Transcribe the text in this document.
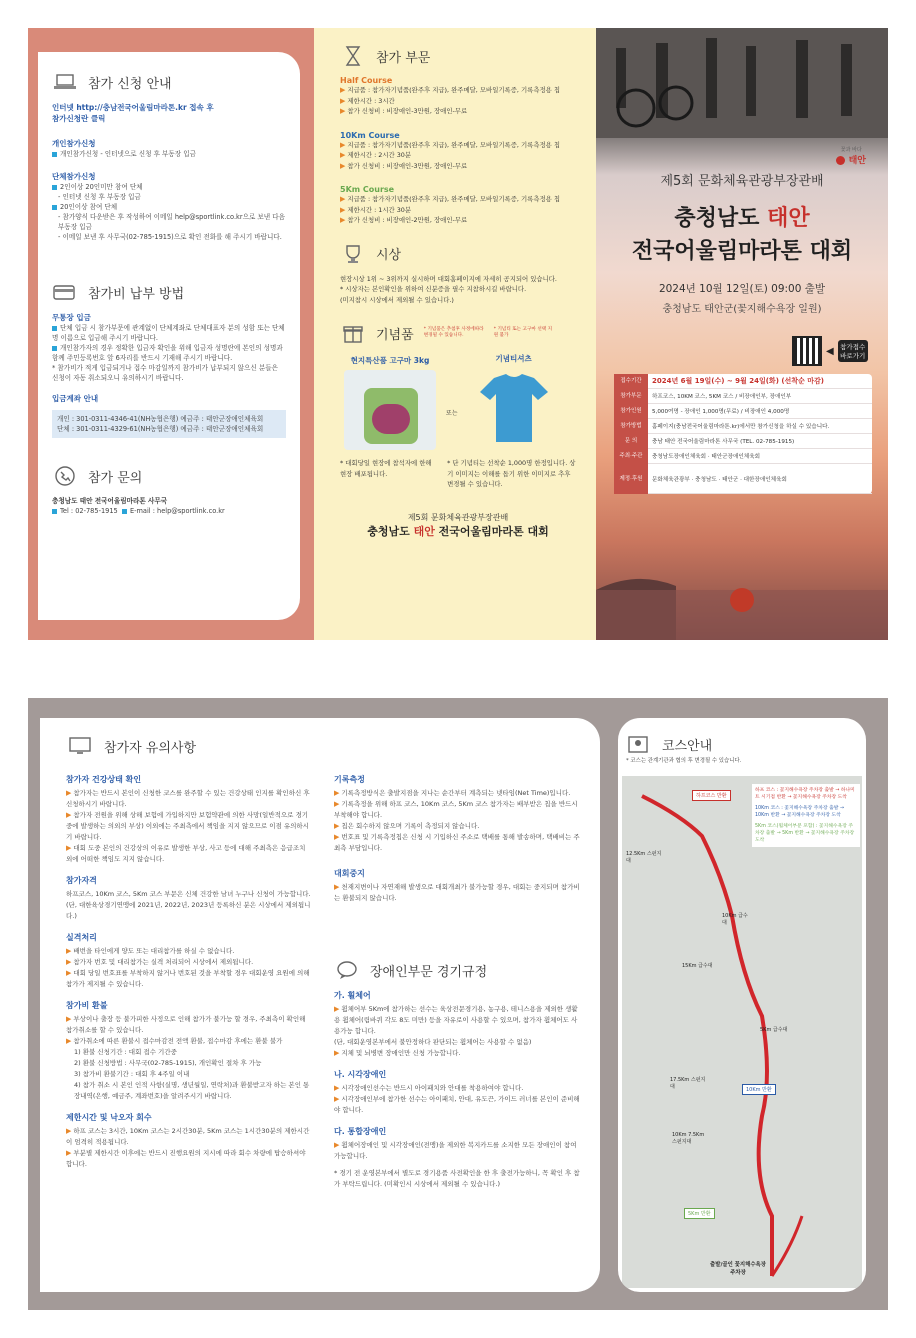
참가 신청 안내
인터넷 http://충남전국어울림마라톤.kr 접속 후
참가신청란 클릭
개인참가신청
개인참가신청 - 인터넷으로 신청 후 부동장 입금
단체참가신청
2인이상 20인미만 참여 단체
- 인터넷 신청 후 부동장 입금
20인이상 참여 단체
- 참가양식 다운받은 후 작성하여 이메일 help@sportlink.co.kr으로 보낸 다음 부동장 입금
- 이메일 보낸 후 사무국(02-785-1915)으로 확인 전화를 해 주시기 바랍니다.
참가비 납부 방법
무통장 입금
단체 입금 시 참가부문에 관계없이 단체계좌로 단체대표자 분의 성함 또는 단체명 이름으로 입금해 주시기 바랍니다.
개인참가자의 경우 정확한 입금자 확인을 위해 입금자 성명란에 본인의 성명과 함께 주민등록번호 앞 6자리를 반드시 기재해 주시기 바랍니다.
* 참가비가 적게 입금되거나 접수 마감일까지 참가비가 납부되지 않으신 분들은 신청이 자동 취소되오니 유의하시기 바랍니다.
입금계좌 안내
개인 : 301-0311-4346-41(NH농협은행) 예금주 : 태안군장애인체육회
단체 : 301-0311-4329-61(NH농협은행) 예금주 : 태안군장애인체육회
참가 문의
충청남도 태안 전국어울림마라톤 사무국
Tel : 02-785-1915 E-mail : help@sportlink.co.kr
참가 부문
Half Course
▶ 지급품 : 참가자기념품(완주후 지급), 완주메달, 모바일기록증, 기록측정용 칩
▶ 제한시간 : 3시간
▶ 참가 신청비 : 비장애인-3만원, 장애인-무료
10Km Course
▶ 지급품 : 참가자기념품(완주후 지급), 완주메달, 모바일기록증, 기록측정용 칩
▶ 제한시간 : 2시간 30분
▶ 참가 신청비 : 비장애인-3만원, 장애인-무료
5Km Course
▶ 지급품 : 참가자기념품(완주후 지급), 완주메달, 모바일기록증, 기록측정용 칩
▶ 제한시간 : 1시간 30분
▶ 참가 신청비 : 비장애인-2만원, 장애인-무료
시상
현장시상 1위 ~ 3위까지 실시하며 대회홈페이지에 자세히 공지되어 있습니다.
* 시상자는 본인확인을 위하여 신분증을 필수 지참하시길 바랍니다.
(미지참시 시상에서 제외될 수 있습니다.)
기념품 * 기념품은 추첨후 사정에따라 변경될 수 있습니다.
* 기념티 또는 고구마 선택 지원 불가
현지특산품 고구마 3kg
또는
기념티셔츠
* 대회당일 현장에 참석자에 한해 현장 배포됩니다.
* 단 기념티는 선착순 1,000명 한정입니다. 상기 이미지는 이해를 돕기 위한 이미지로 추후 변경될 수 있습니다.
제5회 문화체육관광부장관배
충청남도 태안 전국어울림마라톤 대회
꽃과 바다
태안
제5회 문화체육관광부장관배
충청남도 태안
전국어울림마라톤 대회
2024년 10월 12일(토) 09:00 출발
충청남도 태안군(꽃지해수욕장 일원)
◀ 참가접수 바로가기
접수기간	2024년 6월 19일(수) ~ 9월 24일(화) (선착순 마감)
참가부문	하프코스, 10KM 코스, 5KM 코스 / 비장애인부, 장애인부
참가인원	5,000여명 - 장애인 1,000명(무료) / 비장애인 4,000명
참가방법	홈페이지(충남전국어울림마라톤.kr)에서만 참가신청을 하실 수 있습니다.
문 의	충남 태안 전국어울림마라톤 사무국 (TEL. 02-785-1915)
주최·주관	충청남도장애인체육회 · 태안군장애인체육회
제정·후원	문화체육관광부 · 충청남도 · 태안군 · 대한장애인체육회
참가자 유의사항
참가자 건강상태 확인
▶ 참가자는 반드시 본인이 신청한 코스를 완주할 수 있는 건강상태 인지를 확인하신 후 신청하시기 바랍니다.
▶ 참가자 전원을 위해 상해 보험에 가입하지만 보험약관에 의한 사망(일반적으로 경기 중에 발생하는 의외의 부상) 이외에는 주최측에서 책임을 지지 않으므로 이점 유의하시기 바랍니다.
▶ 대회 도중 본인의 건강상의 이유로 발생한 부상, 사고 등에 대해 주최측은 응급조치 외에 어떠한 책임도 지지 않습니다.
참가자격
하프코스, 10Km 코스, 5Km 코스 부문은 신체 건강한 남녀 누구나 신청이 가능합니다.(단, 대한육상경기연맹에 2021년, 2022년, 2023년 등록하신 분은 시상에서 제외됩니다.)
실격처리
▶ 배번을 타인에게 양도 또는 대리참가를 하실 수 없습니다.
▶ 참가자 번호 및 대리참가는 실격 처리되어 시상에서 제외됩니다.
▶ 대회 당일 번호표를 부착하지 않거나 번호된 것을 부착할 경우 대회운영 요원에 의해 참가가 제지될 수 있습니다.
참가비 환불
▶ 부상이나 출장 등 불가피한 사정으로 인해 참가가 불가능 할 경우, 주최측이 확인해 참가취소를 할 수 있습니다.
▶ 참가취소에 따른 환불시 접수마감전 전액 환불, 접수마감 후에는 환불 불가
1) 환불 신청기간 : 대회 접수 기간중
2) 환불 신청방법 : 사무국(02-785-1915), 개인확인 절차 후 가능
3) 참가비 환불기간 : 대회 후 4주일 이내
4) 참가 취소 시 본인 인적 사항(실명, 생년월일, 연락처)과 환불받고자 하는 본인 통장내역(은행, 예금주, 계좌번호)을 알려주시기 바랍니다.
제한시간 및 낙오자 회수
▶ 하프 코스는 3시간, 10Km 코스는 2시간30분, 5Km 코스는 1시간30분의 제한시간이 엄격히 적용됩니다.
▶ 부분별 제한시간 이후에는 반드시 진행요원의 지시에 따라 회수 차량에 탑승하셔야 합니다.
기록측정
▶ 기록측정방식은 출발지점을 지나는 순간부터 계측되는 넷타임(Net Time)입니다.
▶ 기록측정을 위해 하프 코스, 10Km 코스, 5Km 코스 참가자는 배부받은 칩을 반드시 부착해야 합니다.
▶ 칩은 회수하지 않으며 기록이 측정되지 않습니다.
▶ 번호표 및 기록측정칩은 신청 시 기입하신 주소로 택배를 통해 발송하며, 택배비는 주최측 부담입니다.
대회중지
▶ 천재지변이나 자연재해 발생으로 대회개최가 불가능할 경우, 대회는 중지되며 참가비는 환불되지 않습니다.
장애인부문 경기규정
가. 휠체어
▶ 휠체어부 5Km에 참가하는 선수는 육상전문경기용, 농구용, 테니스용을 제외한 생활용 휠체어(림바퀴 각도 8도 미만) 등을 자유로이 사용할 수 있으며, 참가자 휠체어도 사용가능 합니다.
(단, 대회운영본부에서 불안정하다 판단되는 휠체어는 사용할 수 없음)
▶ 지체 및 뇌병변 장애인만 신청 가능합니다.
나. 시각장애인
▶ 시각장애인선수는 반드시 아이패치와 안대를 착용하여야 합니다.
▶ 시각장애인부에 참가한 선수는 아이패치, 안대, 유도끈, 가이드 러너를 본인이 준비해야 합니다.
다. 통합장애인
▶ 휠체어장애인 및 시각장애인(전맹)을 제외한 복지카드를 소지한 모든 장애인이 참여 가능합니다.
* 경기 전 운영본부에서 별도로 경기용품 사전확인을 한 후 출전가능하니, 꼭 확인 후 참가 부탁드립니다. (미확인시 시상에서 제외될 수 있습니다.)
코스안내
* 코스는 관계기관과 협의 후 변경될 수 있습니다.
하프 코스 : 꽃지해수욕장 주차장 출발 → 하나미트 시기점 반환 → 꽃지해수욕장 주차장 도착
10Km 코스 : 꽃지해수욕장 주차장 출발 → 10Km 반환 → 꽃지해수욕장 주차장 도착
5Km 코스(휠체어부분 포함) : 꽃지해수욕장 주차장 출발 → 5Km 반환 → 꽃지해수욕장 주차장 도착
하프코스 반환
12.5Km 스펀지대
10Km 급수대
15Km 급수대
5Km 급수대
17.5Km 스펀지대	10Km 반환
10Km 7.5Km 스펀지대
5Km 반환
출발/골인 꽃지해수욕장 주차장
